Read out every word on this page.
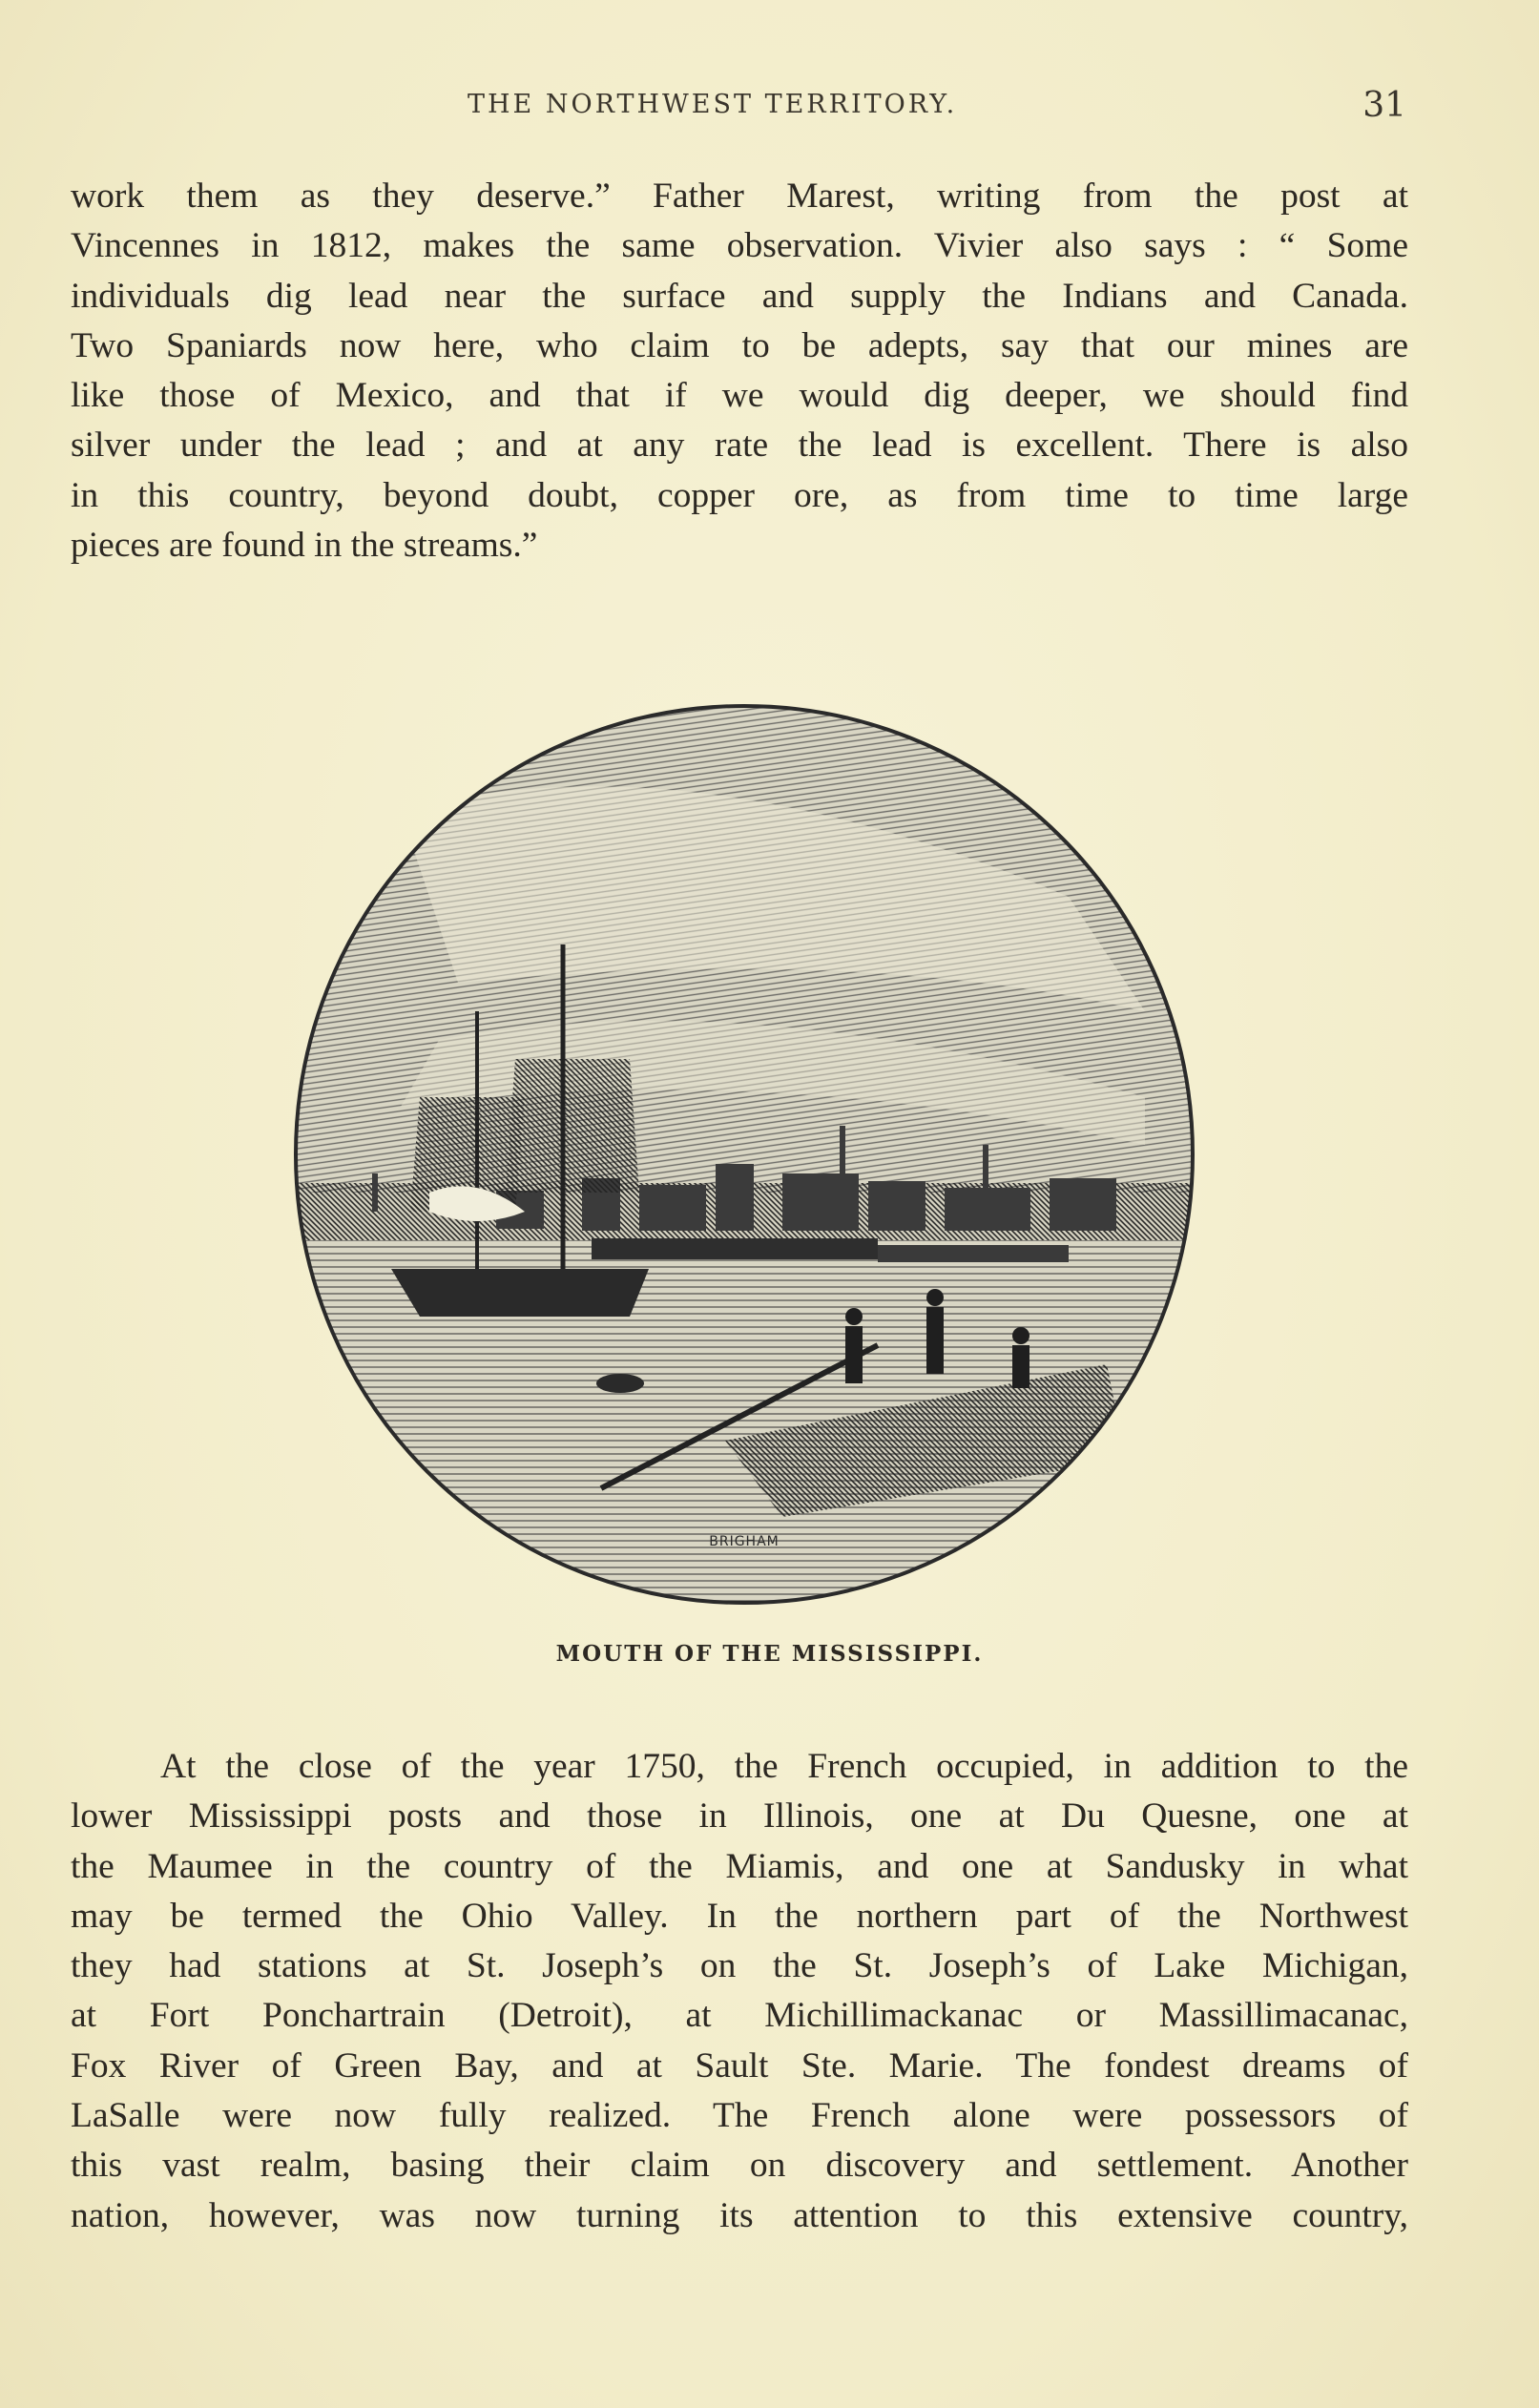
THE NORTHWEST TERRITORY.	31
work them as they deserve.” Father Marest, writing from the post at
Vincennes in 1812, makes the same observation. Vivier also says : “ Some
individuals dig lead near the surface and supply the Indians and Canada.
Two Spaniards now here, who claim to be adepts, say that our mines are
like those of Mexico, and that if we would dig deeper, we should find
silver under the lead ; and at any rate the lead is excellent. There is also
in this country, beyond doubt, copper ore, as from time to time large
pieces are found in the streams.”
BRIGHAM
MOUTH OF THE MISSISSIPPI.
At the close of the year 1750, the French occupied, in addition to the
lower Mississippi posts and those in Illinois, one at Du Quesne, one at
the Maumee in the country of the Miamis, and one at Sandusky in what
may be termed the Ohio Valley. In the northern part of the Northwest
they had stations at St. Joseph’s on the St. Joseph’s of Lake Michigan,
at Fort Ponchartrain (Detroit), at Michillimackanac or Massillimacanac,
Fox River of Green Bay, and at Sault Ste. Marie. The fondest dreams of
LaSalle were now fully realized. The French alone were possessors of
this vast realm, basing their claim on discovery and settlement. Another
nation, however, was now turning its attention to this extensive country,
